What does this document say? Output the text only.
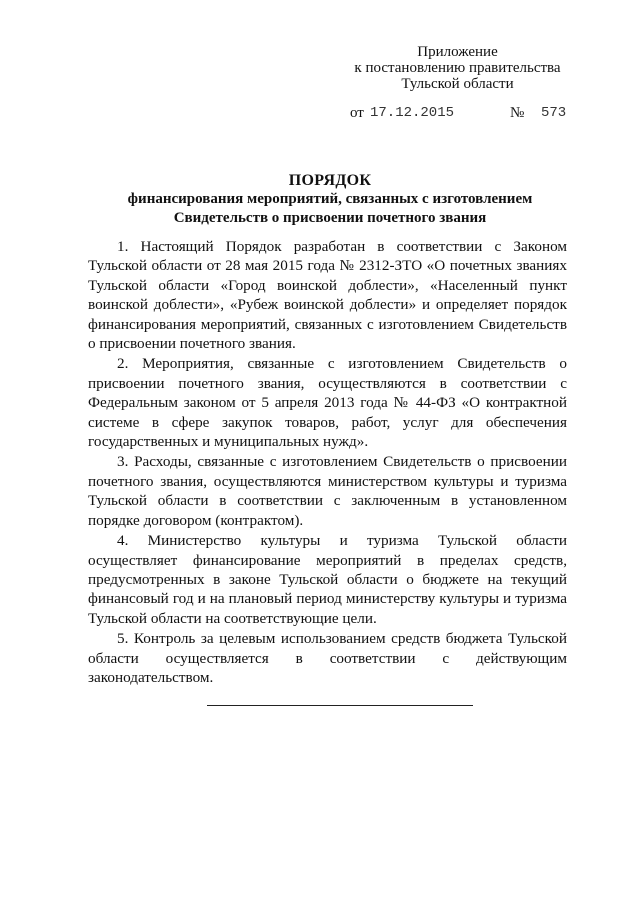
Приложение
к постановлению правительства
Тульской области
от 17.12.2015	№ 573
ПОРЯДОК
финансирования мероприятий, связанных с изготовлением
Свидетельств о присвоении почетного звания

1. Настоящий Порядок разработан в соответствии с Законом Тульской области от 28 мая 2015 года № 2312-ЗТО «О почетных званиях Тульской области «Город воинской доблести», «Населенный пункт воинской доблести», «Рубеж воинской доблести» и определяет порядок финансирования мероприятий, связанных с изготовлением Свидетельств о присвоении почетного звания.

2. Мероприятия, связанные с изготовлением Свидетельств о присвоении почетного звания, осуществляются в соответствии с Федеральным законом от 5 апреля 2013 года № 44-ФЗ «О контрактной системе в сфере закупок товаров, работ, услуг для обеспечения государственных и муниципальных нужд».

3. Расходы, связанные с изготовлением Свидетельств о присвоении почетного звания, осуществляются министерством культуры и туризма Тульской области в соответствии с заключенным в установленном порядке договором (контрактом).

4. Министерство культуры и туризма Тульской области осуществляет финансирование мероприятий в пределах средств, предусмотренных в законе Тульской области о бюджете на текущий финансовый год и на плановый период министерству культуры и туризма Тульской области на соответствующие цели.

5. Контроль за целевым использованием средств бюджета Тульской области осуществляется в соответствии с действующим законодательством.
